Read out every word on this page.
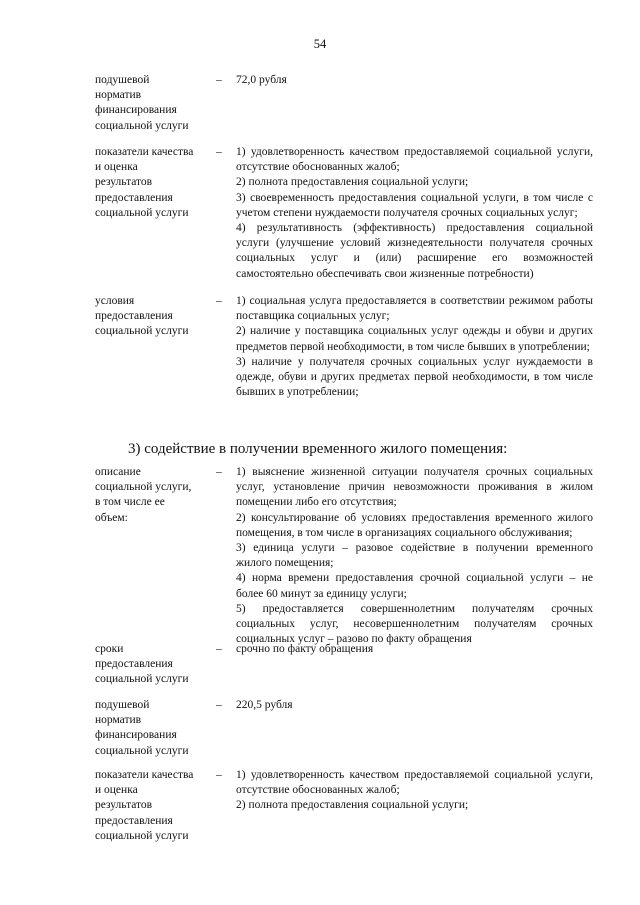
54
подушевой
норматив
финансирования
социальной услуги
– 72,0 рубля
показатели качества
и оценка
результатов
предоставления
социальной услуги
– 1) удовлетворенность качеством предоставляемой социальной услуги, отсутствие обоснованных жалоб;
2) полнота предоставления социальной услуги;
3) своевременность предоставления социальной услуги, в том числе с учетом степени нуждаемости получателя срочных социальных услуг;
4) результативность (эффективность) предоставления социальной услуги (улучшение условий жизнедеятельности получателя срочных социальных услуг и (или) расширение его возможностей самостоятельно обеспечивать свои жизненные потребности)
условия
предоставления
социальной услуги
– 1) социальная услуга предоставляется в соответствии режимом работы поставщика социальных услуг;
2) наличие у поставщика социальных услуг одежды и обуви и других предметов первой необходимости, в том числе бывших в употреблении;
3) наличие у получателя срочных социальных услуг нуждаемости в одежде, обуви и других предметах первой необходимости, в том числе бывших в употреблении;
3) содействие в получении временного жилого помещения:
описание
социальной услуги,
в том числе ее
объем:
– 1) выяснение жизненной ситуации получателя срочных социальных услуг, установление причин невозможности проживания в жилом помещении либо его отсутствия;
2) консультирование об условиях предоставления временного жилого помещения, в том числе в организациях социального обслуживания;
3) единица услуги – разовое содействие в получении временного жилого помещения;
4) норма времени предоставления срочной социальной услуги – не более 60 минут за единицу услуги;
5) предоставляется совершеннолетним получателям срочных социальных услуг, несовершеннолетним получателям срочных социальных услуг – разово по факту обращения
сроки
предоставления
социальной услуги
– срочно по факту обращения
подушевой
норматив
финансирования
социальной услуги
– 220,5 рубля
показатели качества
и оценка
результатов
предоставления
социальной услуги
– 1) удовлетворенность качеством предоставляемой социальной услуги, отсутствие обоснованных жалоб;
2) полнота предоставления социальной услуги;
